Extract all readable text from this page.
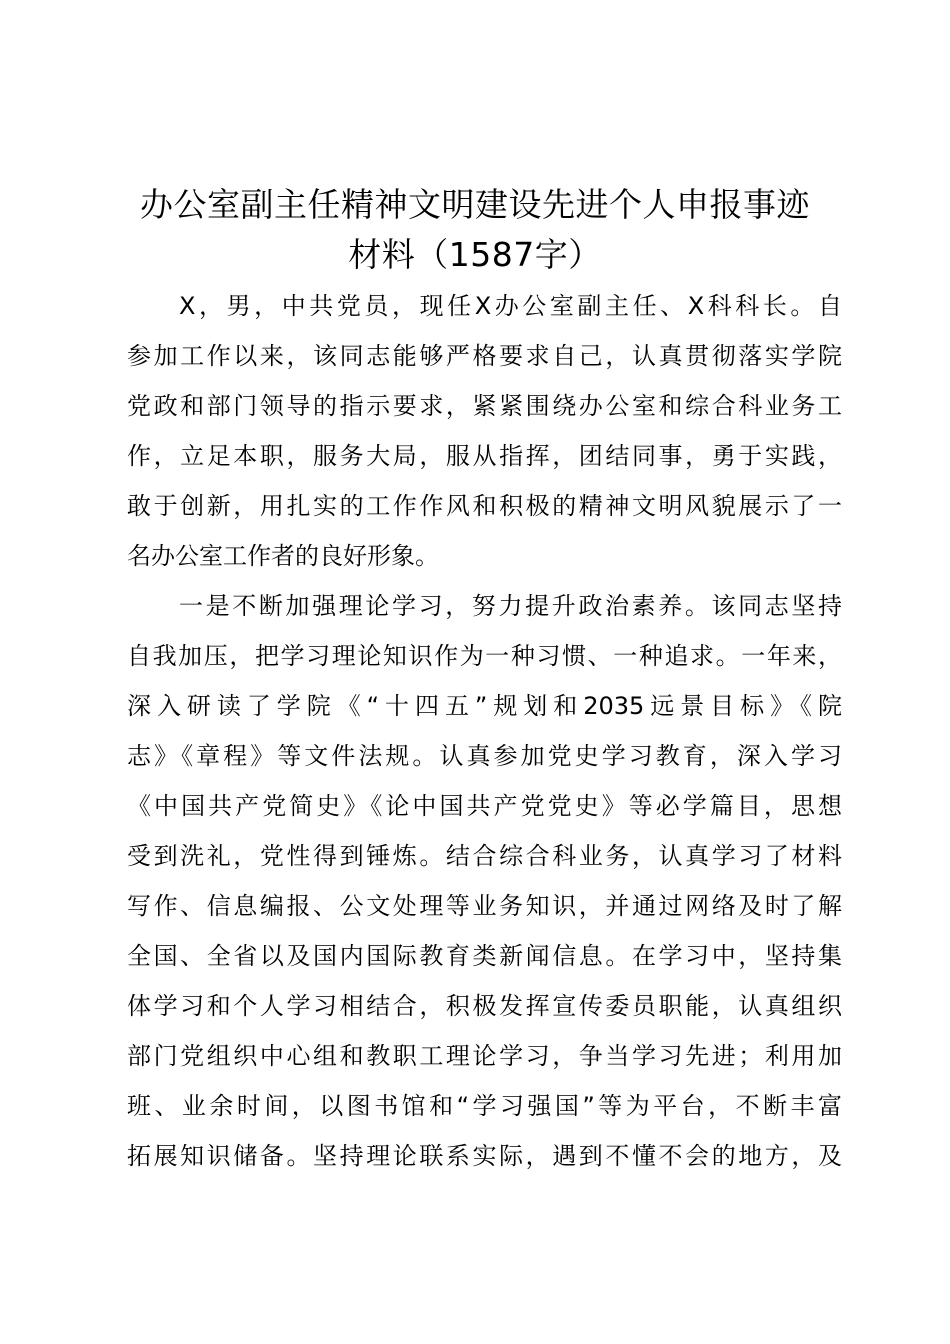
办公室副主任精神文明建设先进个人申报事迹
材料（1587字）
X，男，中共党员，现任X办公室副主任、X科科长。自
参加工作以来，该同志能够严格要求自己，认真贯彻落实学院
党政和部门领导的指示要求，紧紧围绕办公室和综合科业务工
作，立足本职，服务大局，服从指挥，团结同事，勇于实践，
敢于创新，用扎实的工作作风和积极的精神文明风貌展示了一
名办公室工作者的良好形象。
一是不断加强理论学习，努力提升政治素养。该同志坚持
自我加压，把学习理论知识作为一种习惯、一种追求。一年来，
深入研读了学院《“十四五”规划和2035远景目标》《院
志》《章程》等文件法规。认真参加党史学习教育，深入学习
《中国共产党简史》《论中国共产党党史》等必学篇目，思想
受到洗礼，党性得到锤炼。结合综合科业务，认真学习了材料
写作、信息编报、公文处理等业务知识，并通过网络及时了解
全国、全省以及国内国际教育类新闻信息。在学习中，坚持集
体学习和个人学习相结合，积极发挥宣传委员职能，认真组织
部门党组织中心组和教职工理论学习，争当学习先进；利用加
班、业余时间，以图书馆和“学习强国”等为平台，不断丰富
拓展知识储备。坚持理论联系实际，遇到不懂不会的地方，及
